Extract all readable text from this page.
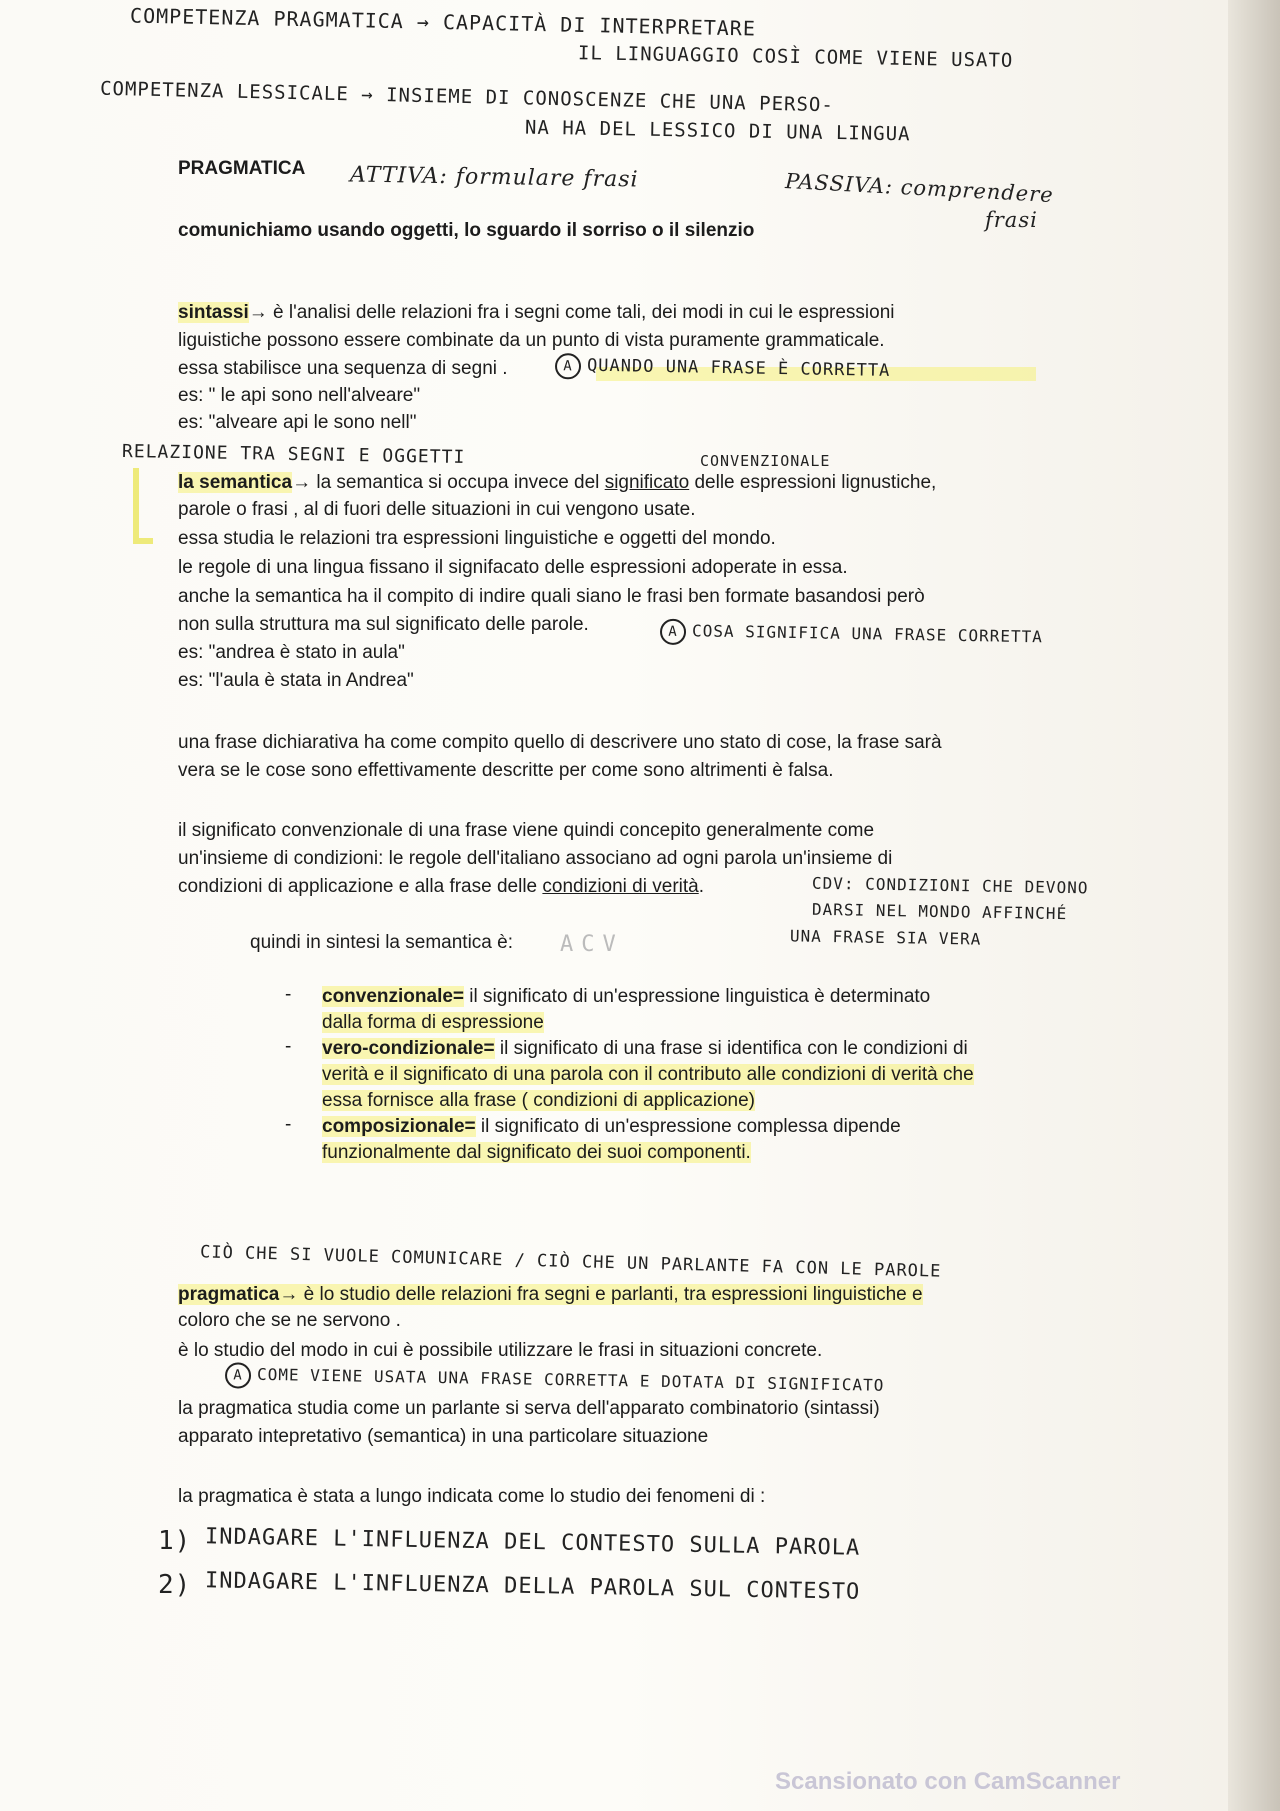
COMPETENZA PRAGMATICA → CAPACITÀ DI INTERPRETARE
IL LINGUAGGIO COSÌ COME VIENE USATO
COMPETENZA LESSICALE → INSIEME DI CONOSCENZE CHE UNA PERSO-
NA HA DEL LESSICO DI UNA LINGUA
PRAGMATICA ATTIVA: formulare frasi	PASSIVA: comprendere
frasi
comunichiamo usando oggetti, lo sguardo il sorriso o il silenzio
sintassi→ è l'analisi delle relazioni fra i segni come tali, dei modi in cui le espressioni
liguistiche possono essere combinate da un punto di vista puramente grammaticale.
essa stabilisce una sequenza di segni .	A QUANDO UNA FRASE È CORRETTA
es: " le api sono nell'alveare"
es: "alveare api le sono nell"
RELAZIONE TRA SEGNI E OGGETTI	CONVENZIONALE
la semantica→ la semantica si occupa invece del significato delle espressioni lignustiche,
parole o frasi , al di fuori delle situazioni in cui vengono usate.
essa studia le relazioni tra espressioni linguistiche e oggetti del mondo.
le regole di una lingua fissano il signifacato delle espressioni adoperate in essa.
anche la semantica ha il compito di indire quali siano le frasi ben formate basandosi però
non sulla struttura ma sul significato delle parole.	A COSA SIGNIFICA UNA FRASE CORRETTA
es: "andrea è stato in aula"
es: "l'aula è stata in Andrea"
una frase dichiarativa ha come compito quello di descrivere uno stato di cose, la frase sarà
vera se le cose sono effettivamente descritte per come sono altrimenti è falsa.
il significato convenzionale di una frase viene quindi concepito generalmente come
un'insieme di condizioni: le regole dell'italiano associano ad ogni parola un'insieme di
condizioni di applicazione e alla frase delle condizioni di verità.	CDV: CONDIZIONI CHE DEVONO
DARSI NEL MONDO AFFINCHÉ
UNA FRASE SIA VERA
quindi in sintesi la semantica è: ACV
- convenzionale= il significato di un'espressione linguistica è determinato
dalla forma di espressione
- vero-condizionale= il significato di una frase si identifica con le condizioni di
verità e il significato di una parola con il contributo alle condizioni di verità che
essa fornisce alla frase ( condizioni di applicazione)
- composizionale= il significato di un'espressione complessa dipende
funzionalmente dal significato dei suoi componenti.
CIÒ CHE SI VUOLE COMUNICARE / CIÒ CHE UN PARLANTE FA CON LE PAROLE
pragmatica→ è lo studio delle relazioni fra segni e parlanti, tra espressioni linguistiche e
coloro che se ne servono .
è lo studio del modo in cui è possibile utilizzare le frasi in situazioni concrete.
A COME VIENE USATA UNA FRASE CORRETTA E DOTATA DI SIGNIFICATO
la pragmatica studia come un parlante si serva dell'apparato combinatorio (sintassi)
apparato intepretativo (semantica) in una particolare situazione
la pragmatica è stata a lungo indicata come lo studio dei fenomeni di :
1) INDAGARE L'INFLUENZA DEL CONTESTO SULLA PAROLA
2) INDAGARE L'INFLUENZA DELLA PAROLA SUL CONTESTO
Scansionato con CamScanner
